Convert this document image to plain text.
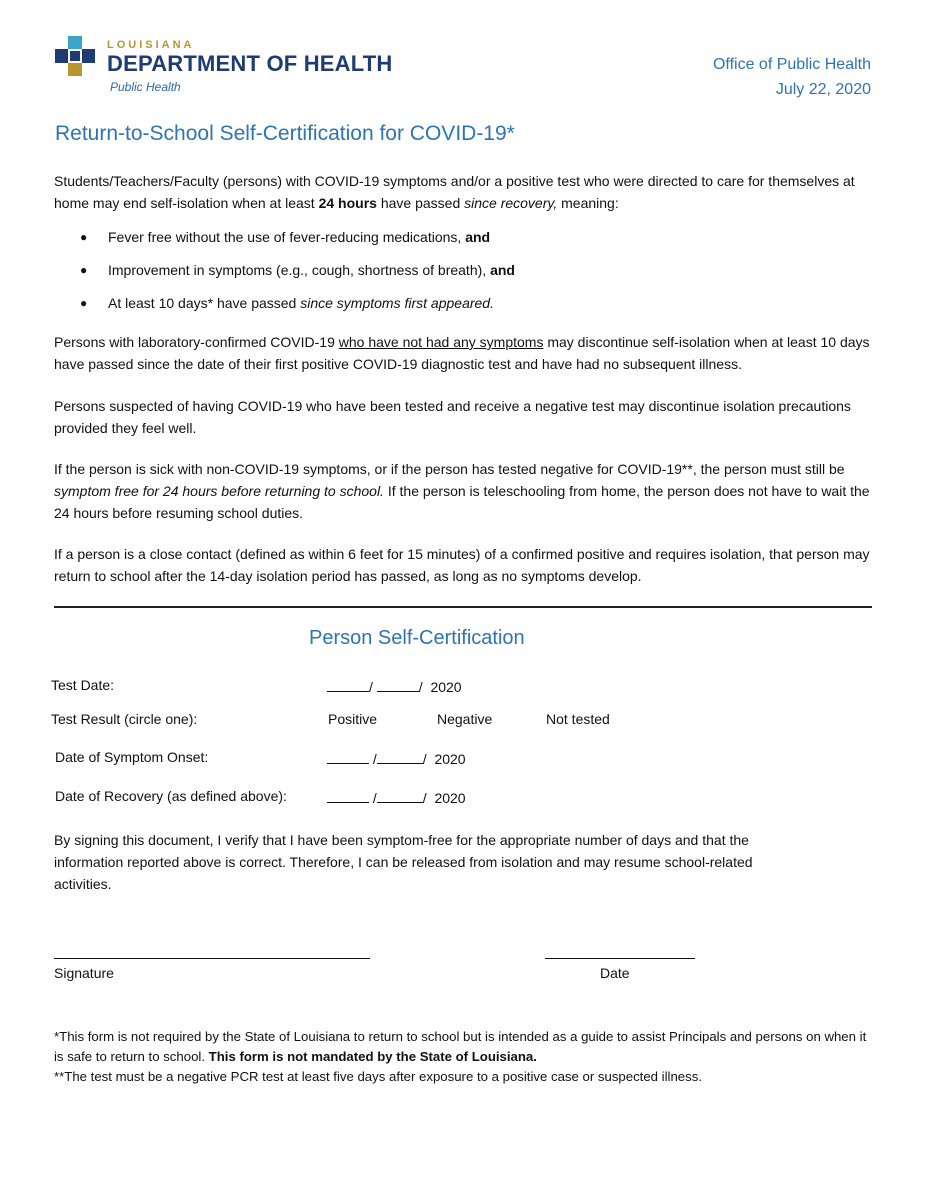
LOUISIANA
DEPARTMENT OF HEALTH
Public Health
Office of Public Health
July 22, 2020
Return-to-School Self-Certification for COVID-19*
Students/Teachers/Faculty (persons) with COVID-19 symptoms and/or a positive test who were directed to care for themselves at home may end self-isolation when at least 24 hours have passed since recovery, meaning:
●	Fever free without the use of fever-reducing medications, and
●	Improvement in symptoms (e.g., cough, shortness of breath), and
●	At least 10 days* have passed since symptoms first appeared.
Persons with laboratory-confirmed COVID-19 who have not had any symptoms may discontinue self-isolation when at least 10 days have passed since the date of their first positive COVID-19 diagnostic test and have had no subsequent illness.
Persons suspected of having COVID-19 who have been tested and receive a negative test may discontinue isolation precautions provided they feel well.
If the person is sick with non-COVID-19 symptoms, or if the person has tested negative for COVID-19**, the person must still be symptom free for 24 hours before returning to school. If the person is teleschooling from home, the person does not have to wait the 24 hours before resuming school duties.
If a person is a close contact (defined as within 6 feet for 15 minutes) of a confirmed positive and requires isolation, that person may return to school after the 14-day isolation period has passed, as long as no symptoms develop.
Person Self-Certification
Test Date:	/	/ 2020
Test Result (circle one):	Positive	Negative	Not tested
Date of Symptom Onset:	/	/ 2020
Date of Recovery (as defined above):	/	/ 2020
By signing this document, I verify that I have been symptom-free for the appropriate number of days and that the information reported above is correct. Therefore, I can be released from isolation and may resume school-related activities.
Signature	Date
*This form is not required by the State of Louisiana to return to school but is intended as a guide to assist Principals and persons on when it is safe to return to school. This form is not mandated by the State of Louisiana.
**The test must be a negative PCR test at least five days after exposure to a positive case or suspected illness.
